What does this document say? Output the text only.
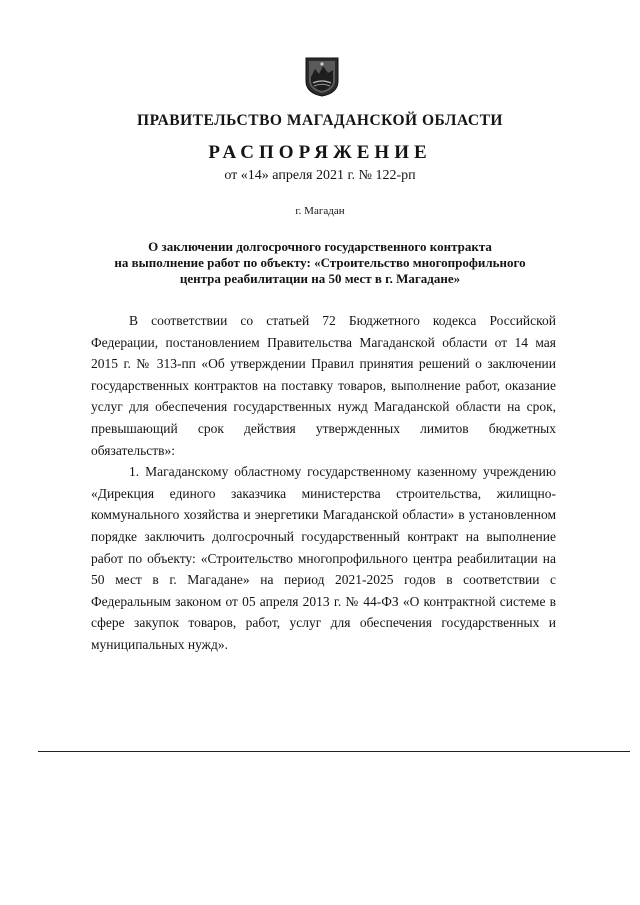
ПРАВИТЕЛЬСТВО МАГАДАНСКОЙ ОБЛАСТИ
РАСПОРЯЖЕНИЕ
от «14» апреля 2021 г. № 122-рп
г. Магадан
О заключении долгосрочного государственного контракта
на выполнение работ по объекту: «Строительство многопрофильного
центра реабилитации на 50 мест в г. Магадане»

В соответствии со статьей 72 Бюджетного кодекса Российской Федерации, постановлением Правительства Магаданской области от 14 мая 2015 г. № 313-пп «Об утверждении Правил принятия решений о заключении государственных контрактов на поставку товаров, выполнение работ, оказание услуг для обеспечения государственных нужд Магаданской области на срок, превышающий срок действия утвержденных лимитов бюджетных обязательств»:

1. Магаданскому областному государственному казенному учреждению «Дирекция единого заказчика министерства строительства, жилищно-коммунального хозяйства и энергетики Магаданской области» в установленном порядке заключить долгосрочный государственный контракт на выполнение работ по объекту: «Строительство многопрофильного центра реабилитации на 50 мест в г. Магадане» на период 2021-2025 годов в соответствии с Федеральным законом от 05 апреля 2013 г. № 44-ФЗ «О контрактной системе в сфере закупок товаров, работ, услуг для обеспечения государственных и муниципальных нужд».
